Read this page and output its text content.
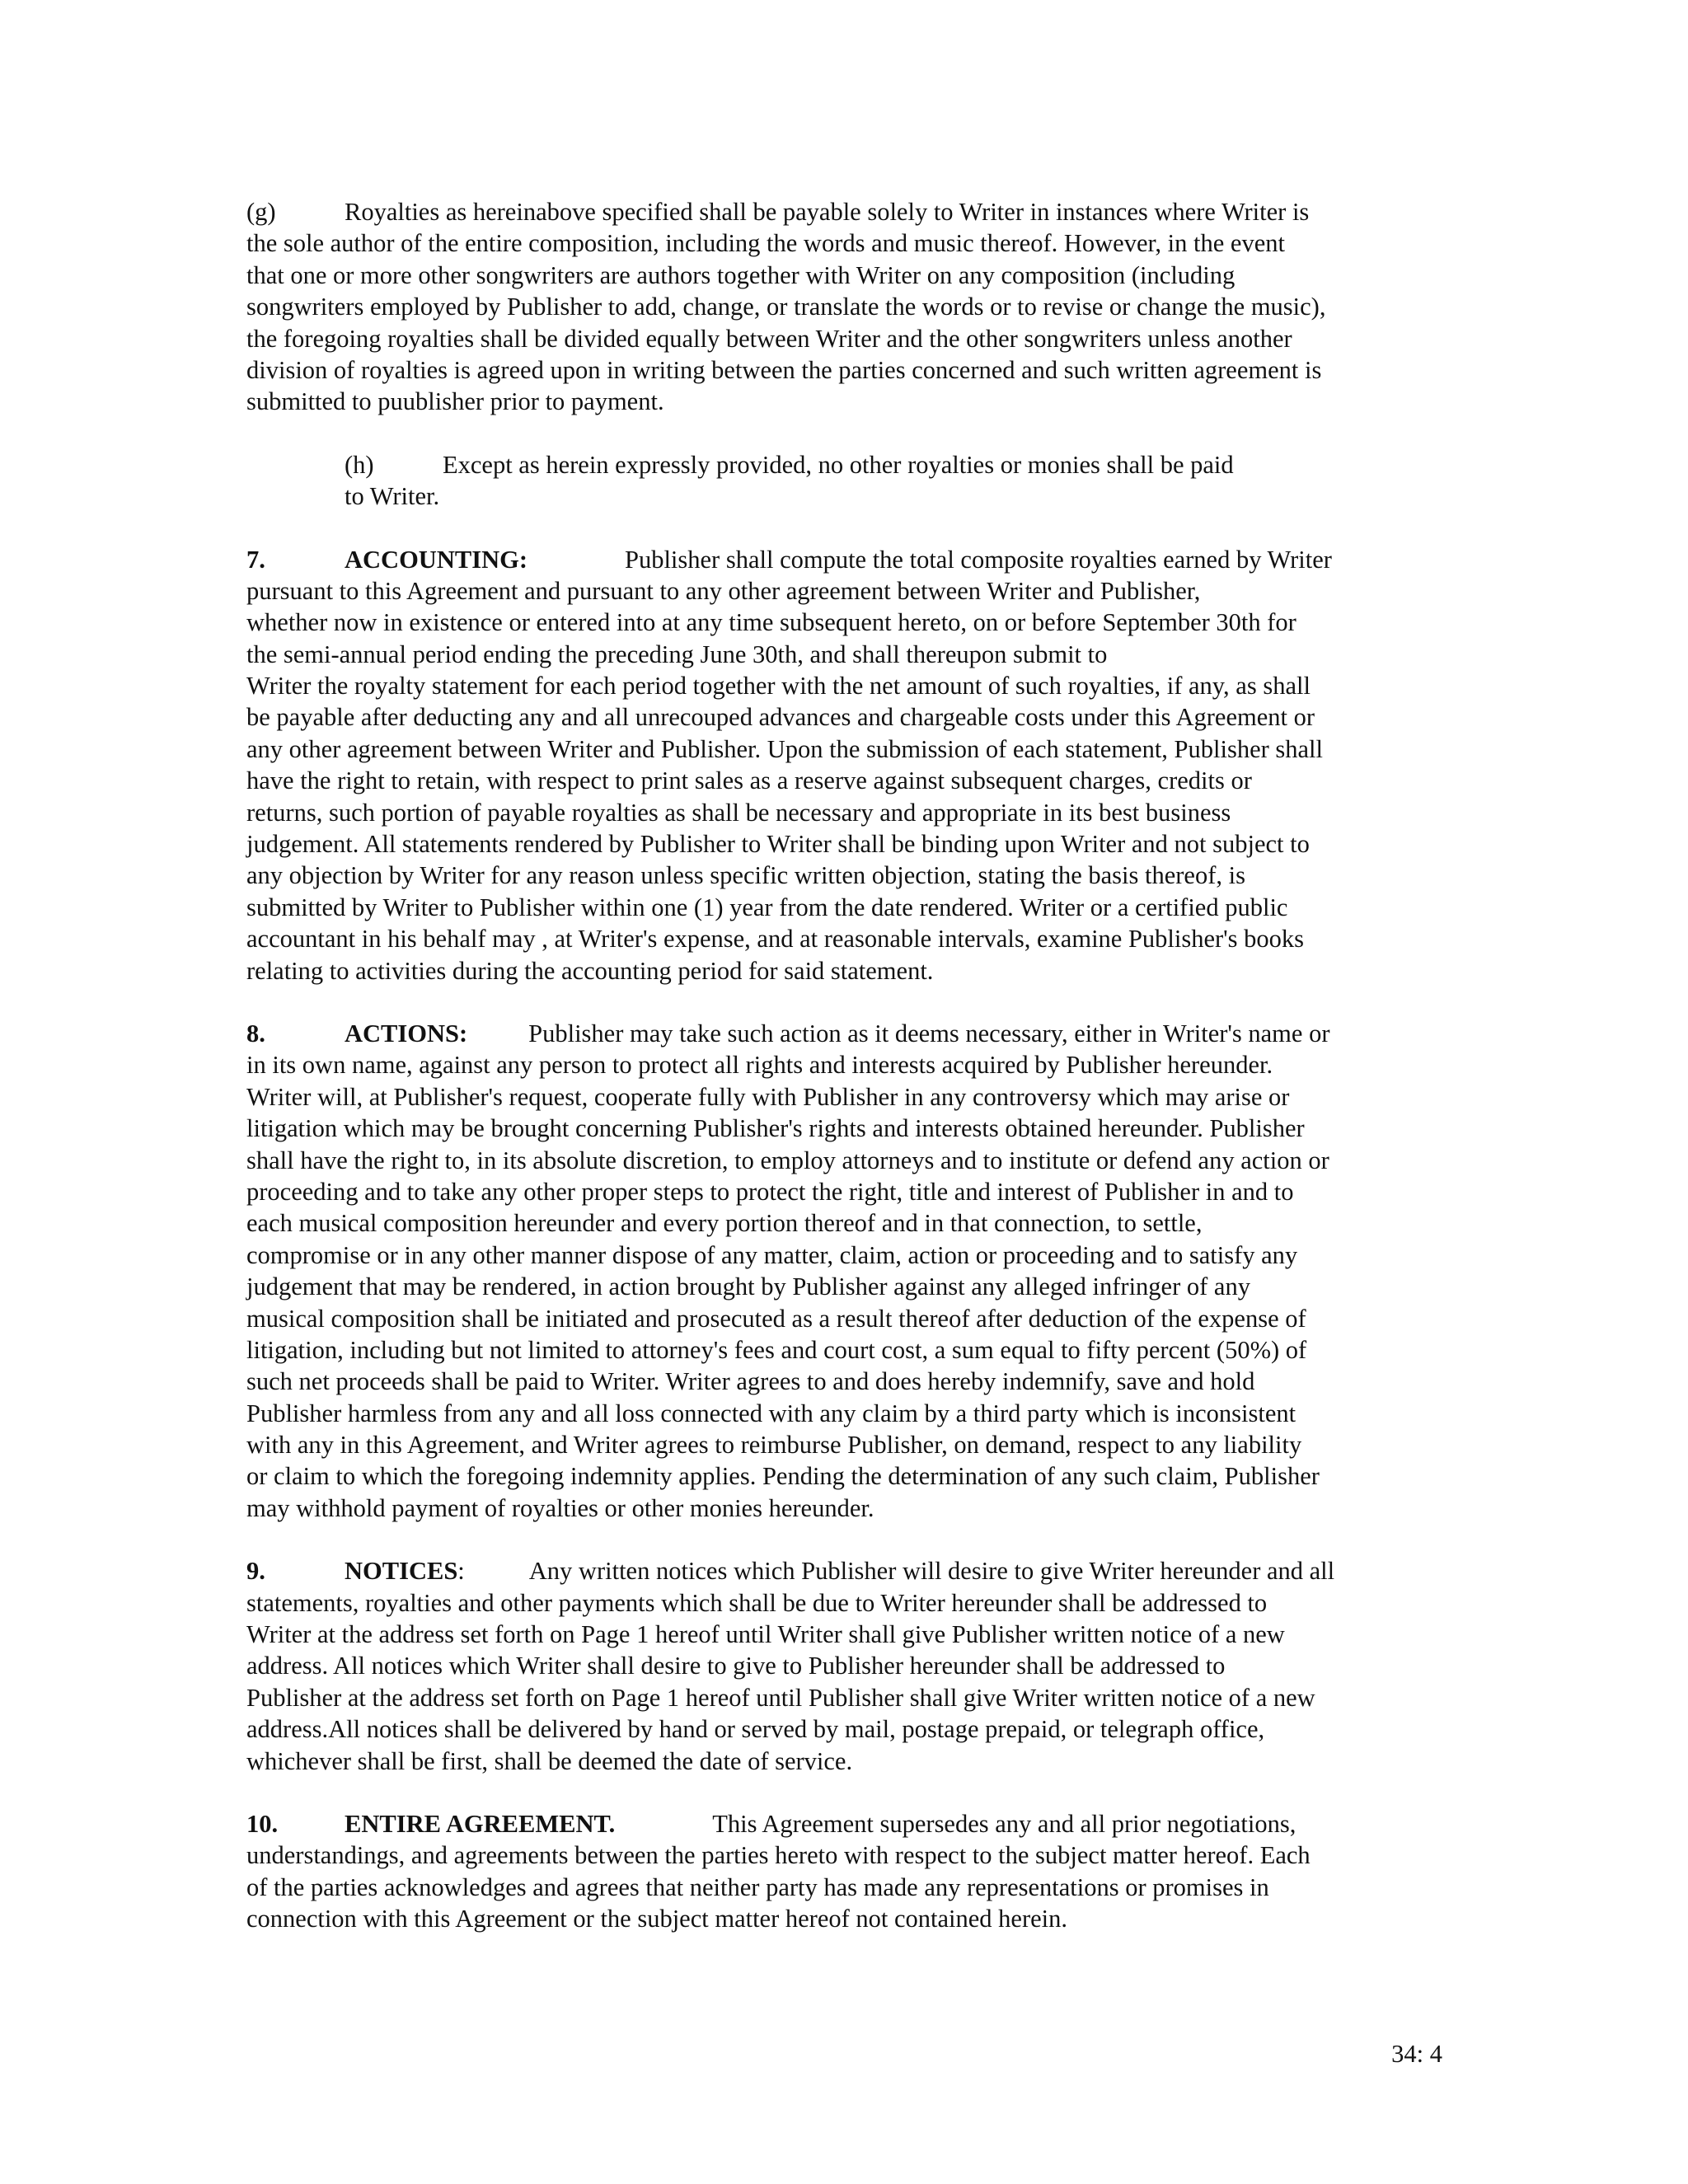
(g)	Royalties as hereinabove specified shall be payable solely to Writer in instances where Writer is
the sole author of the entire composition, including the words and music thereof. However, in the event
that one or more other songwriters are authors together with Writer on any composition (including
songwriters employed by Publisher to add, change, or translate the words or to revise or change the music),
the foregoing royalties shall be divided equally between Writer and the other songwriters unless another
division of royalties is agreed upon in writing between the parties concerned and such written agreement is
submitted to puublisher prior to payment.
(h)	Except as herein expressly provided, no other royalties or monies shall be paid
to Writer.
7.	ACCOUNTING:	Publisher shall compute the total composite royalties earned by Writer
pursuant to this Agreement and pursuant to any other agreement between Writer and Publisher,
whether now in existence or entered into at any time subsequent hereto, on or before September 30th for
the semi-annual period ending the preceding June 30th, and shall thereupon submit to
Writer the royalty statement for each period together with the net amount of such royalties, if any, as shall
be payable after deducting any and all unrecouped advances and chargeable costs under this Agreement or
any other agreement between Writer and Publisher. Upon the submission of each statement, Publisher shall
have the right to retain, with respect to print sales as a reserve against subsequent charges, credits or
returns, such portion of payable royalties as shall be necessary and appropriate in its best business
judgement. All statements rendered by Publisher to Writer shall be binding upon Writer and not subject to
any objection by Writer for any reason unless specific written objection, stating the basis thereof, is
submitted by Writer to Publisher within one (1) year from the date rendered. Writer or a certified public
accountant in his behalf may , at Writer's expense, and at reasonable intervals, examine Publisher's books
relating to activities during the accounting period for said statement.
8.	ACTIONS: Publisher may take such action as it deems necessary, either in Writer's name or
in its own name, against any person to protect all rights and interests acquired by Publisher hereunder.
Writer will, at Publisher's request, cooperate fully with Publisher in any controversy which may arise or
litigation which may be brought concerning Publisher's rights and interests obtained hereunder. Publisher
shall have the right to, in its absolute discretion, to employ attorneys and to institute or defend any action or
proceeding and to take any other proper steps to protect the right, title and interest of Publisher in and to
each musical composition hereunder and every portion thereof and in that connection, to settle,
compromise or in any other manner dispose of any matter, claim, action or proceeding and to satisfy any
judgement that may be rendered, in action brought by Publisher against any alleged infringer of any
musical composition shall be initiated and prosecuted as a result thereof after deduction of the expense of
litigation, including but not limited to attorney's fees and court cost, a sum equal to fifty percent (50%) of
such net proceeds shall be paid to Writer. Writer agrees to and does hereby indemnify, save and hold
Publisher harmless from any and all loss connected with any claim by a third party which is inconsistent
with any in this Agreement, and Writer agrees to reimburse Publisher, on demand, respect to any liability
or claim to which the foregoing indemnity applies. Pending the determination of any such claim, Publisher
may withhold payment of royalties or other monies hereunder.
9.	NOTICES:	Any written notices which Publisher will desire to give Writer hereunder and all
statements, royalties and other payments which shall be due to Writer hereunder shall be addressed to
Writer at the address set forth on Page 1 hereof until Writer shall give Publisher written notice of a new
address. All notices which Writer shall desire to give to Publisher hereunder shall be addressed to
Publisher at the address set forth on Page 1 hereof until Publisher shall give Writer written notice of a new
address.All notices shall be delivered by hand or served by mail, postage prepaid, or telegraph office,
whichever shall be first, shall be deemed the date of service.
10.	ENTIRE AGREEMENT.	This Agreement supersedes any and all prior negotiations,
understandings, and agreements between the parties hereto with respect to the subject matter hereof. Each
of the parties acknowledges and agrees that neither party has made any representations or promises in
connection with this Agreement or the subject matter hereof not contained herein.
34: 4
